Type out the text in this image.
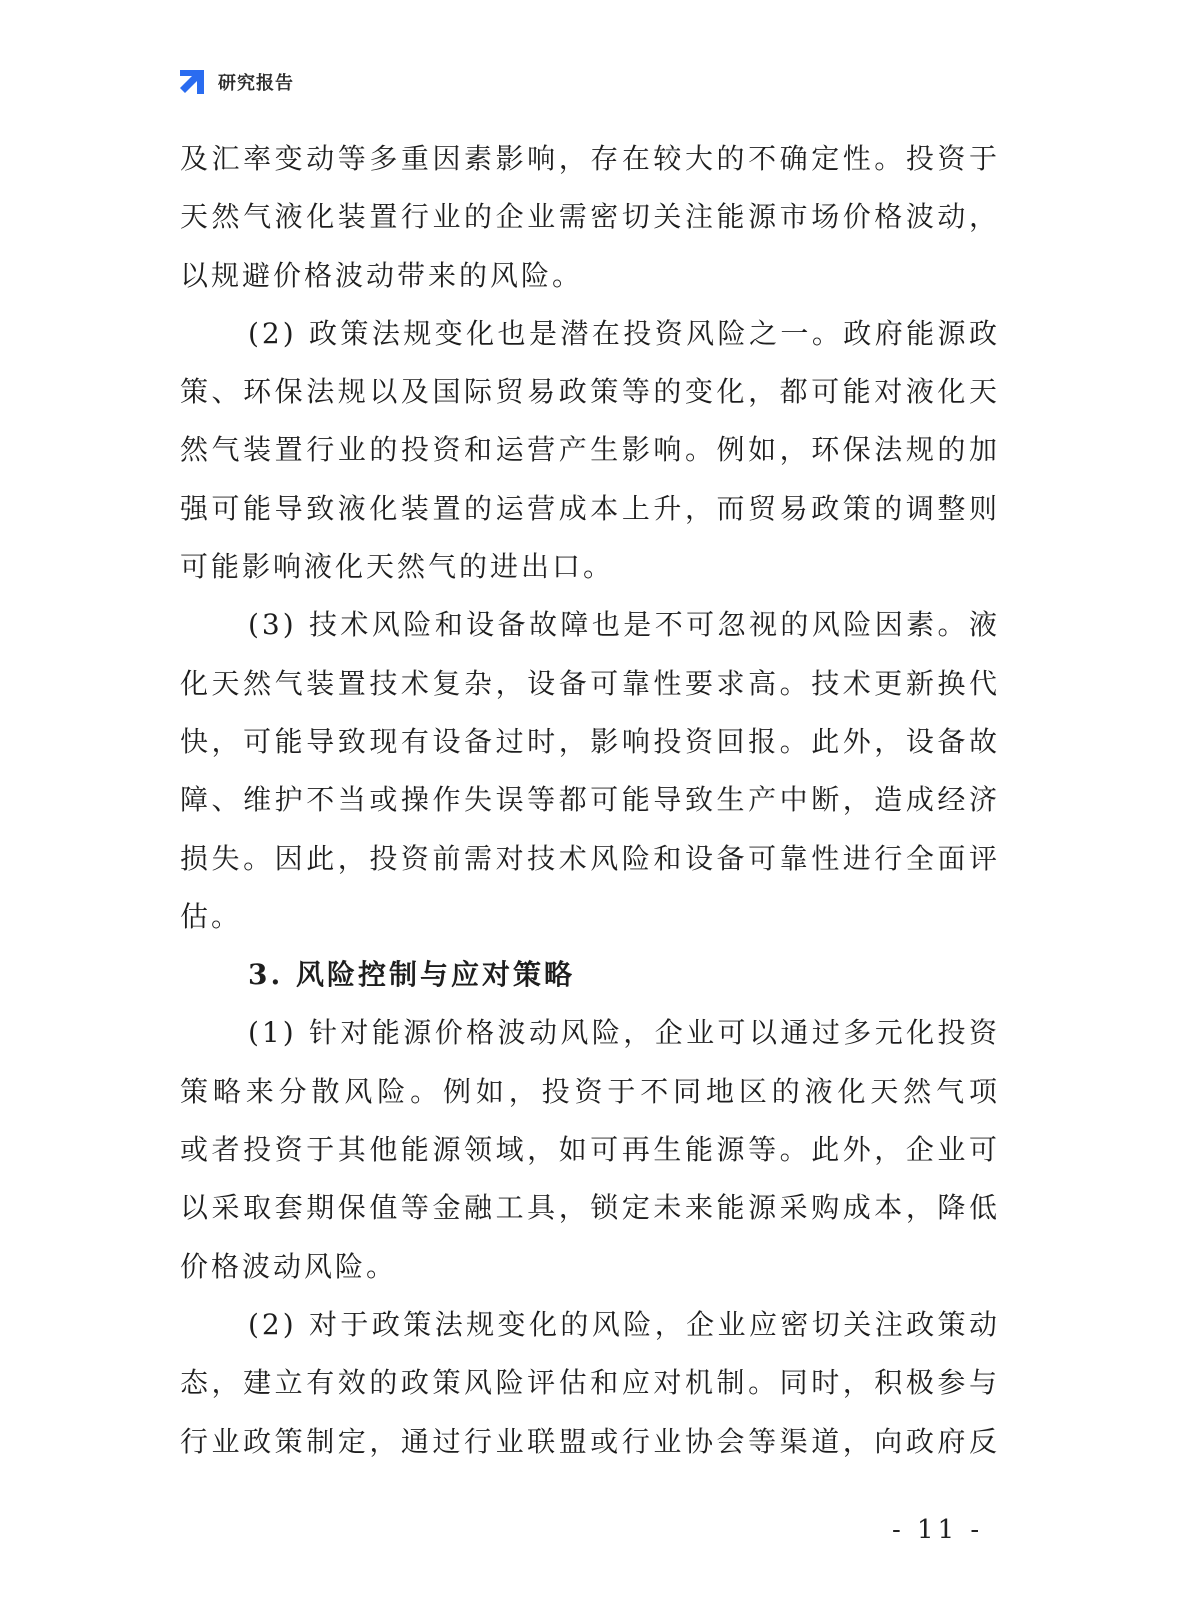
研究报告
及汇率变动等多重因素影响，存在较大的不确定性。投资于
天然气液化装置行业的企业需密切关注能源市场价格波动，
以规避价格波动带来的风险。
(2) 政策法规变化也是潜在投资风险之一。政府能源政
策、环保法规以及国际贸易政策等的变化，都可能对液化天
然气装置行业的投资和运营产生影响。例如，环保法规的加
强可能导致液化装置的运营成本上升，而贸易政策的调整则
可能影响液化天然气的进出口。
(3) 技术风险和设备故障也是不可忽视的风险因素。液
化天然气装置技术复杂，设备可靠性要求高。技术更新换代
快，可能导致现有设备过时，影响投资回报。此外，设备故
障、维护不当或操作失误等都可能导致生产中断，造成经济
损失。因此，投资前需对技术风险和设备可靠性进行全面评
估。
3. 风险控制与应对策略
(1) 针对能源价格波动风险，企业可以通过多元化投资
策略来分散风险。例如，投资于不同地区的液化天然气项
或者投资于其他能源领域，如可再生能源等。此外，企业可
以采取套期保值等金融工具，锁定未来能源采购成本，降低
价格波动风险。
(2) 对于政策法规变化的风险，企业应密切关注政策动
态，建立有效的政策风险评估和应对机制。同时，积极参与
行业政策制定，通过行业联盟或行业协会等渠道，向政府反
- 11 -
